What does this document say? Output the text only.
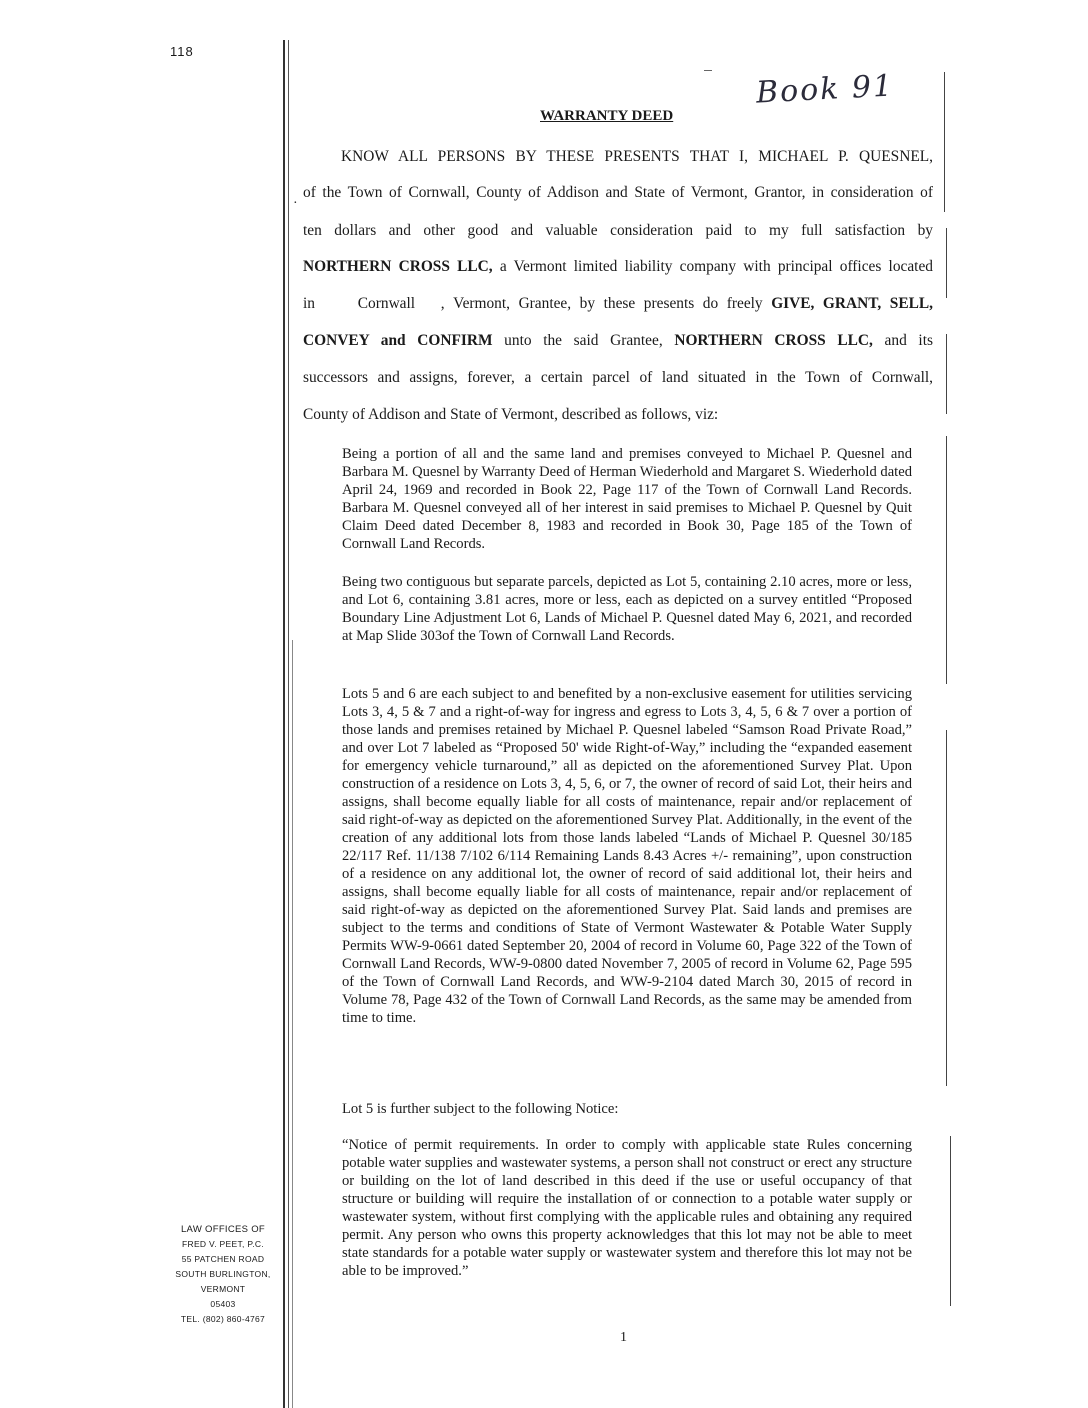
118
Book 91
WARRANTY DEED
·
KNOW ALL PERSONS BY THESE PRESENTS THAT I, MICHAEL P. QUESNEL,
of the Town of Cornwall, County of Addison and State of Vermont, Grantor, in consideration of
ten dollars and other good and valuable consideration paid to my full satisfaction by
NORTHERN CROSS LLC, a Vermont limited liability company with principal offices located
in	Cornwall , Vermont, Grantee, by these presents do freely GIVE, GRANT, SELL,
CONVEY and CONFIRM unto the said Grantee, NORTHERN CROSS LLC, and its
successors and assigns, forever, a certain parcel of land situated in the Town of Cornwall,
County of Addison and State of Vermont, described as follows, viz:

Being a portion of all and the same land and premises conveyed to Michael P. Quesnel and Barbara M. Quesnel by Warranty Deed of Herman Wiederhold and Margaret S. Wiederhold dated April 24, 1969 and recorded in Book 22, Page 117 of the Town of Cornwall Land Records. Barbara M. Quesnel conveyed all of her interest in said premises to Michael P. Quesnel by Quit Claim Deed dated December 8, 1983 and recorded in Book 30, Page 185 of the Town of Cornwall Land Records.

Being two contiguous but separate parcels, depicted as Lot 5, containing 2.10 acres, more or less, and Lot 6, containing 3.81 acres, more or less, each as depicted on a survey entitled “Proposed Boundary Line Adjustment Lot 6, Lands of Michael P. Quesnel dated May 6, 2021, and recorded at Map Slide 303of the Town of Cornwall Land Records.

Lots 5 and 6 are each subject to and benefited by a non-exclusive easement for utilities servicing Lots 3, 4, 5 & 7 and a right-of-way for ingress and egress to Lots 3, 4, 5, 6 & 7 over a portion of those lands and premises retained by Michael P. Quesnel labeled “Samson Road Private Road,” and over Lot 7 labeled as “Proposed 50' wide Right-of-Way,” including the “expanded easement for emergency vehicle turnaround,” all as depicted on the aforementioned Survey Plat. Upon construction of a residence on Lots 3, 4, 5, 6, or 7, the owner of record of said Lot, their heirs and assigns, shall become equally liable for all costs of maintenance, repair and/or replacement of said right-of-way as depicted on the aforementioned Survey Plat. Additionally, in the event of the creation of any additional lots from those lands labeled “Lands of Michael P. Quesnel 30/185 22/117 Ref. 11/138 7/102 6/114 Remaining Lands 8.43 Acres +/- remaining”, upon construction of a residence on any additional lot, the owner of record of said additional lot, their heirs and assigns, shall become equally liable for all costs of maintenance, repair and/or replacement of said right-of-way as depicted on the aforementioned Survey Plat. Said lands and premises are subject to the terms and conditions of State of Vermont Wastewater & Potable Water Supply Permits WW-9-0661 dated September 20, 2004 of record in Volume 60, Page 322 of the Town of Cornwall Land Records, WW-9-0800 dated November 7, 2005 of record in Volume 62, Page 595 of the Town of Cornwall Land Records, and WW-9-2104 dated March 30, 2015 of record in Volume 78, Page 432 of the Town of Cornwall Land Records, as the same may be amended from time to time.

Lot 5 is further subject to the following Notice:

“Notice of permit requirements. In order to comply with applicable state Rules concerning potable water supplies and wastewater systems, a person shall not construct or erect any structure or building on the lot of land described in this deed if the use or useful occupancy of that structure or building will require the installation of or connection to a potable water supply or wastewater system, without first complying with the applicable rules and obtaining any required permit. Any person who owns this property acknowledges that this lot may not be able to meet state standards for a potable water supply or wastewater system and therefore this lot may not be able to be improved.”

LAW OFFICES OF
FRED V. PEET, P.C.
55 PATCHEN ROAD
SOUTH BURLINGTON,
VERMONT
05403
TEL. (802) 860-4767
1
